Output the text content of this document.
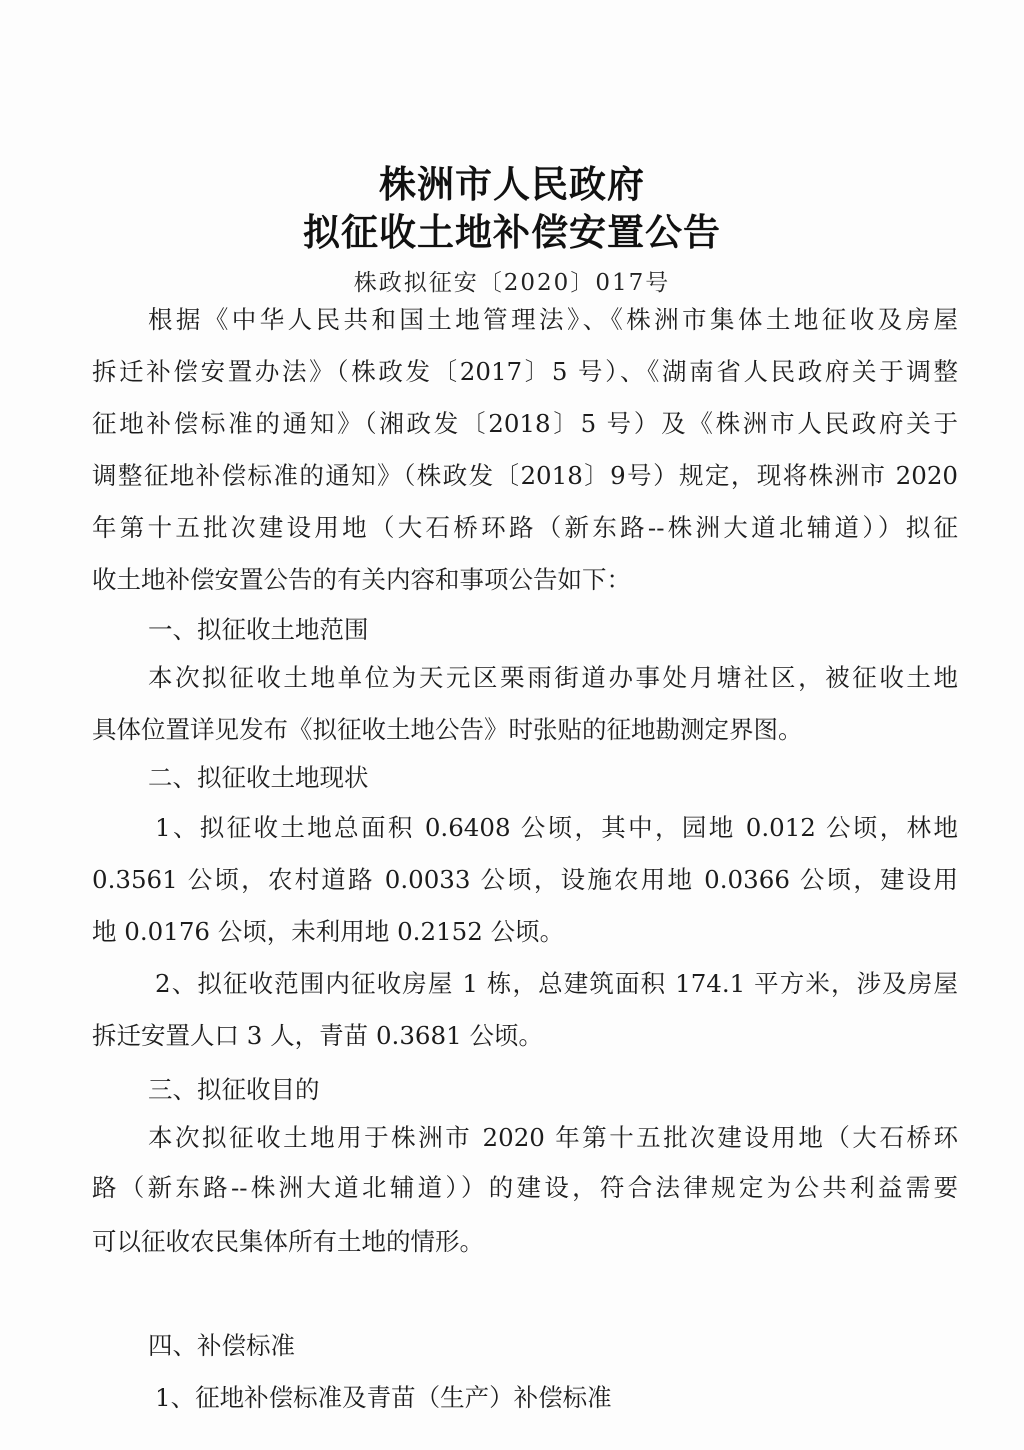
株洲市人民政府
拟征收土地补偿安置公告
株政拟征安〔2020〕017号
根据《中华人民共和国土地管理法》、《株洲市集体土地征收及房屋
拆迁补偿安置办法》（株政发〔2017〕5 号）、《湖南省人民政府关于调整
征地补偿标准的通知》（湘政发〔2018〕5 号）及《株洲市人民政府关于
调整征地补偿标准的通知》（株政发〔2018〕9号）规定，现将株洲市 2020
年第十五批次建设用地（大石桥环路（新东路--株洲大道北辅道））拟征
收土地补偿安置公告的有关内容和事项公告如下：
一、拟征收土地范围
本次拟征收土地单位为天元区栗雨街道办事处月塘社区，被征收土地
具体位置详见发布《拟征收土地公告》时张贴的征地勘测定界图。
二、拟征收土地现状
1、拟征收土地总面积 0.6408 公顷，其中，园地 0.012 公顷，林地
0.3561 公顷，农村道路 0.0033 公顷，设施农用地 0.0366 公顷，建设用
地 0.0176 公顷，未利用地 0.2152 公顷。
2、拟征收范围内征收房屋 1 栋，总建筑面积 174.1 平方米，涉及房屋
拆迁安置人口 3 人，青苗 0.3681 公顷。
三、拟征收目的
本次拟征收土地用于株洲市 2020 年第十五批次建设用地（大石桥环
路（新东路--株洲大道北辅道））的建设，符合法律规定为公共利益需要
可以征收农民集体所有土地的情形。
四、补偿标准
1、征地补偿标准及青苗（生产）补偿标准
